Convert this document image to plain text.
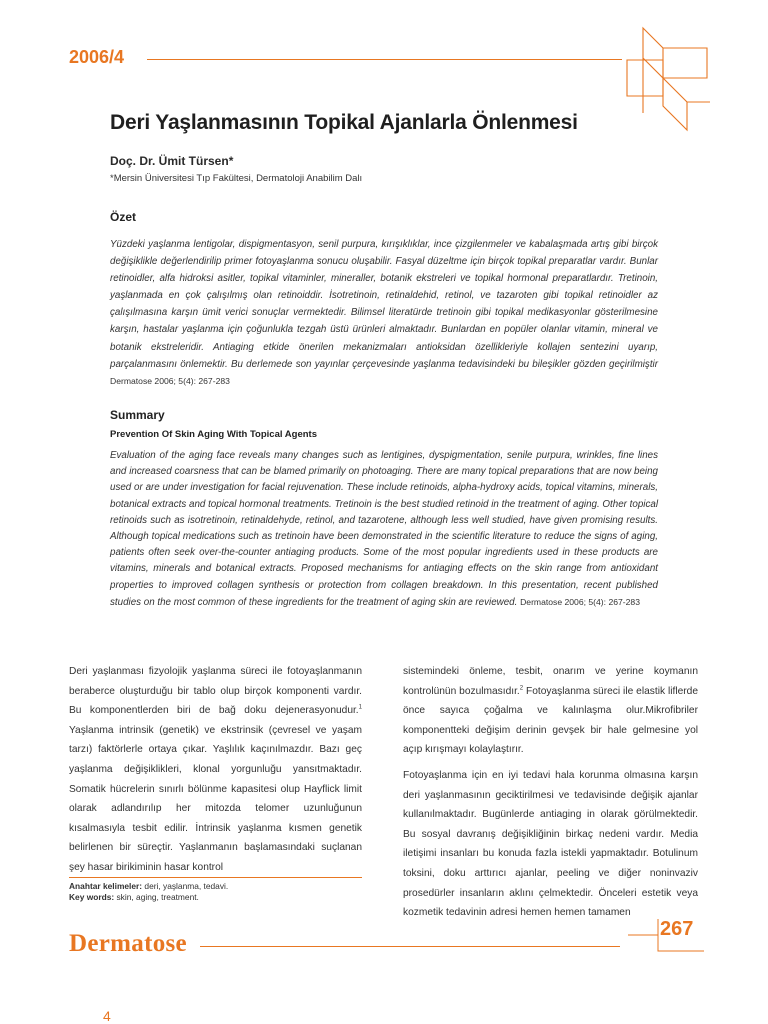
2006/4
Deri Yaşlanmasının Topikal Ajanlarla Önlenmesi
Doç. Dr. Ümit Türsen*
*Mersin Üniversitesi Tıp Fakültesi, Dermatoloji Anabilim Dalı
Özet
Yüzdeki yaşlanma lentigolar, dispigmentasyon, senil purpura, kırışıklıklar, ince çizgilenmeler ve kabalaşmada artış gibi birçok değişiklikle değerlendirilip primer fotoyaşlanma sonucu oluşabilir. Fasyal düzeltme için birçok topikal preparatlar vardır. Bunlar retinoidler, alfa hidroksi asitler, topikal vitaminler, mineraller, botanik ekstreleri ve topikal hormonal preparatlardır. Tretinoin, yaşlanmada en çok çalışılmış olan retinoiddir. İsotretinoin, retinaldehid, retinol, ve tazaroten gibi topikal retinoidler az çalışılmasına karşın ümit verici sonuçlar vermektedir. Bilimsel literatürde tretinoin gibi topikal medikasyonlar gösterilmesine karşın, hastalar yaşlanma için çoğunlukla tezgah üstü ürünleri almaktadır. Bunlardan en popüler olanlar vitamin, mineral ve botanik ekstreleridir. Antiaging etkide önerilen mekanizmaları antioksidan özellikleriyle kollajen sentezini uyarıp, parçalanmasını önlemektir. Bu derlemede son yayınlar çerçevesinde yaşlanma tedavisindeki bu bileşikler gözden geçirilmiştir Dermatose 2006; 5(4): 267-283
Summary
Prevention Of Skin Aging With Topical Agents
Evaluation of the aging face reveals many changes such as lentigines, dyspigmentation, senile purpura, wrinkles, fine lines and increased coarsness that can be blamed primarily on photoaging. There are many topical preparations that are now being used or are under investigation for facial rejuvenation. These include retinoids, alpha-hydroxy acids, topical vitamins, minerals, botanical extracts and topical hormonal treatments. Tretinoin is the best studied retinoid in the treatment of aging. Other topical retinoids such as isotretinoin, retinaldehyde, retinol, and tazarotene, although less well studied, have given promising results. Although topical medications such as tretinoin have been demonstrated in the scientific literature to reduce the signs of aging, patients often seek over-the-counter antiaging products. Some of the most popular ingredients used in these products are vitamins, minerals and botanical extracts. Proposed mechanisms for antiaging effects on the skin range from antioxidant properties to improved collagen synthesis or protection from collagen breakdown. In this presentation, recent published studies on the most common of these ingredients for the treatment of aging skin are reviewed. Dermatose 2006; 5(4): 267-283
Deri yaşlanması fizyolojik yaşlanma süreci ile fotoyaşlanmanın beraberce oluşturduğu bir tablo olup birçok komponenti vardır. Bu komponentlerden biri de bağ doku dejenerasyonudur.$^1$ Yaşlanma intrinsik (genetik) ve ekstrinsik (çevresel ve yaşam tarzı) faktörlerle ortaya çıkar. Yaşlılık kaçınılmazdır. Bazı geç yaşlanma değişiklikleri, klonal yorgunluğu yansıtmaktadır. Somatik hücrelerin sınırlı bölünme kapasitesi olup Hayflick limit olarak adlandırılıp her mitozda telomer uzunluğunun kısalmasıyla tesbit edilir. İntrinsik yaşlanma kısmen genetik belirlenen bir süreçtir. Yaşlanmanın başlamasındaki suçlanan şey hasar birikiminin hasar kontrol
sistemindeki önleme, tesbit, onarım ve yerine koymanın kontrolünün bozulmasıdır.$^2$ Fotoyaşlanma süreci ile elastik liflerde önce sayıca çoğalma ve kalınlaşma olur.Mikrofibriler komponentteki değişim derinin gevşek bir hale gelmesine yol açıp kırışmayı kolaylaştırır.
Fotoyaşlanma için en iyi tedavi hala korunma olmasına karşın deri yaşlanmasının geciktirilmesi ve tedavisinde değişik ajanlar kullanılmaktadır. Bugünlerde antiaging in olarak görülmektedir. Bu sosyal davranış değişikliğinin birkaç nedeni vardır. Media iletişimi insanları bu konuda fazla istekli yapmaktadır. Botulinum toksini, doku arttırıcı ajanlar, peeling ve diğer noninvaziv prosedürler insanların aklını çelmektedir. Önceleri estetik veya kozmetik tedavinin adresi hemen hemen tamamen
Anahtar kelimeler: deri, yaşlanma, tedavi.
Key words: skin, aging, treatment.
Dermatose
267
4
